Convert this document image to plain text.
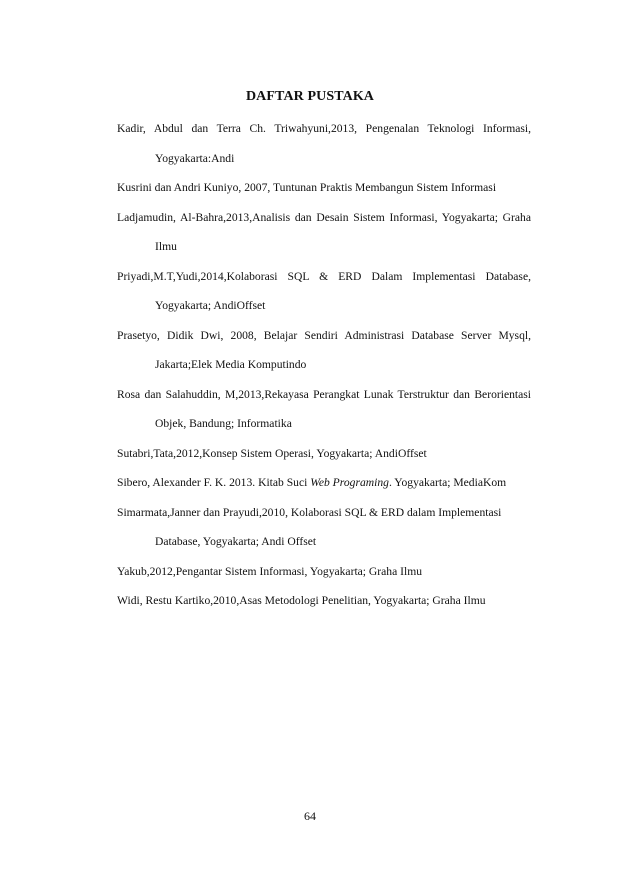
DAFTAR PUSTAKA

Kadir, Abdul dan Terra Ch. Triwahyuni,2013, Pengenalan Teknologi Informasi, Yogyakarta:Andi

Kusrini dan Andri Kuniyo, 2007, Tuntunan Praktis Membangun Sistem Informasi

Ladjamudin, Al-Bahra,2013,Analisis dan Desain Sistem Informasi, Yogyakarta; Graha Ilmu

Priyadi,M.T,Yudi,2014,Kolaborasi SQL & ERD Dalam Implementasi Database, Yogyakarta; AndiOffset

Prasetyo, Didik Dwi, 2008, Belajar Sendiri Administrasi Database Server Mysql, Jakarta;Elek Media Komputindo

Rosa dan Salahuddin, M,2013,Rekayasa Perangkat Lunak Terstruktur dan Berorientasi Objek, Bandung; Informatika

Sutabri,Tata,2012,Konsep Sistem Operasi, Yogyakarta; AndiOffset

Sibero, Alexander F. K. 2013. Kitab Suci Web Programing. Yogyakarta; MediaKom

Simarmata,Janner dan Prayudi,2010, Kolaborasi SQL & ERD dalam Implementasi Database, Yogyakarta; Andi Offset

Yakub,2012,Pengantar Sistem Informasi, Yogyakarta; Graha Ilmu

Widi, Restu Kartiko,2010,Asas Metodologi Penelitian, Yogyakarta; Graha Ilmu

64
